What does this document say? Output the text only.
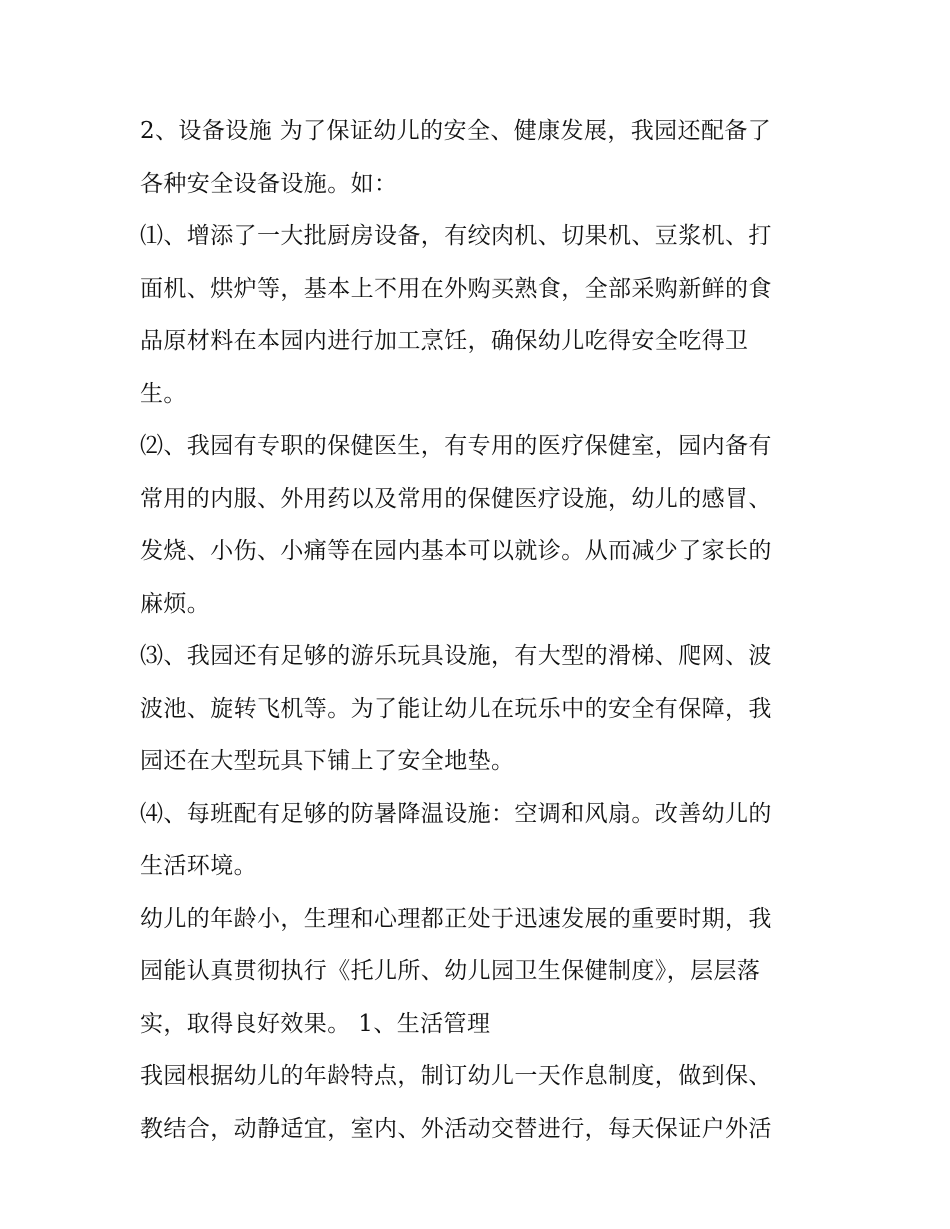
2、设备设施 为了保证幼儿的安全、健康发展，我园还配备了
各种安全设备设施。如：
⑴、增添了一大批厨房设备，有绞肉机、切果机、豆浆机、打
面机、烘炉等，基本上不用在外购买熟食，全部采购新鲜的食
品原材料在本园内进行加工烹饪，确保幼儿吃得安全吃得卫
生。
⑵、我园有专职的保健医生，有专用的医疗保健室，园内备有
常用的内服、外用药以及常用的保健医疗设施，幼儿的感冒、
发烧、小伤、小痛等在园内基本可以就诊。从而减少了家长的
麻烦。
⑶、我园还有足够的游乐玩具设施，有大型的滑梯、爬网、波
波池、旋转飞机等。为了能让幼儿在玩乐中的安全有保障，我
园还在大型玩具下铺上了安全地垫。
⑷、每班配有足够的防暑降温设施：空调和风扇。改善幼儿的
生活环境。
幼儿的年龄小，生理和心理都正处于迅速发展的重要时期，我
园能认真贯彻执行《托儿所、幼儿园卫生保健制度》，层层落
实，取得良好效果。 1、生活管理
我园根据幼儿的年龄特点，制订幼儿一天作息制度，做到保、
教结合，动静适宜，室内、外活动交替进行，每天保证户外活
